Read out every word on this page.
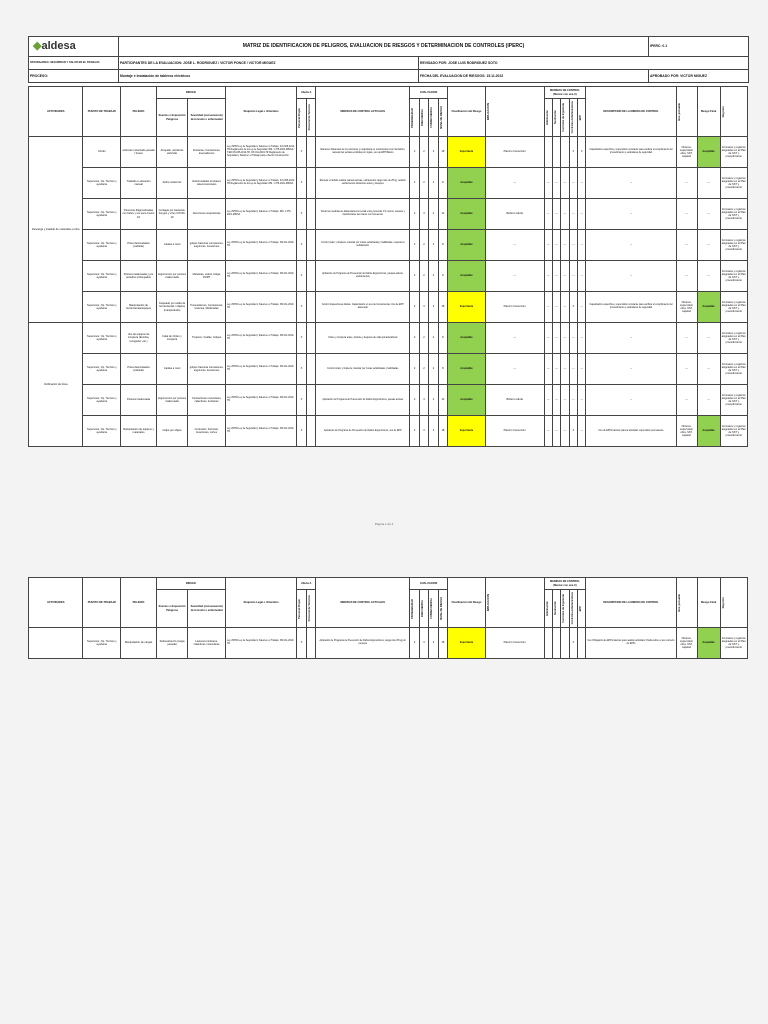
◆aldesa	MATRIZ DE IDENTIFICACION DE PELIGROS, EVALUACION DE RIESGOS Y DETERMINACION DE CONTROLES (IPERC)		IPERC: 0.1
OFICINA/AREA: SEGURIDAD Y SALUD EN EL TRABAJO	PARTICIPANTES DE LA EVALUACION: JOSE L. RODRIGUEZ / VICTOR PONCE / VICTOR MIGUEZ	REVISADO POR: JOSE LUIS RODRIGUEZ SOTO	
PROCESO:	Montaje e Instalación de tableros eléctricos	FECHA DEL EVALUACION DE RIESGOS: 15.11.2022	APROBADO POR: VICTOR MIGUEZ
ACTIVIDADES	PUESTO DE TRABAJO	PELIGRO	RIESGO		Requisito Legal o Voluntario	Afecta A		MEDIDAS DE CONTROL ACTUALES	EVALUACION				Clasificación del Riesgo	IMPLICACION	MEDIDAS DE CONTROL (Marcar con una X)					DESCRIPCION DE LA MEDIDA DE CONTROL	Res. ponsable	Riesgo Final	Reg istro

			Eventos o Exposición Peligrosa	Severidad (consecuencia) de la lesión o enfermedad		Personal Propio	Personal de Terceros		PROBABILIDAD	FRECUENCIA	CONSECUENCIA	NIVEL DE RIESGO			Eliminación	Sustitución	Controles de Ingeniería	Controles Administrativos	EPP				

Descarga y traslado de materiales a obra	Chofer	vehículo motorizado pesado / buses	Atropello, accidente vehicular	Fracturas, Contusiones, traumatismos	Ley 29783 Ley de Seguridad y Salud en el Trabajo. D.S.005-2012-TR Reglamento de la Ley de Seguridad. RM. 1 375-2021-MINSA / T.ED DS.005-2012-TR. DS 011-2019-TR Reglamento de Seguridad y Salud en el Trabajo para el Sector Construcción	X		Mantener distancias de los camiones y maquinaria en movimientos (con Semáforo, respetar las señales emitidas por vigías, uso de EPP Básico	2	2	3	18	Importante	Plan/no Corrección				X	X	Capacitación específica y supervisión constante para verificar el cumplimiento del procedimiento y estándares de seguridad	Obreros, supervisión obra, SST, capataz	Aceptable	Formatos y registros asignados en el Plan de SST y procedimiento
	Supervisor, Op. Técnico y ayudante	Traslado o elevación manual	Sobre esfuerzos	Enfermedades lumbares osteomusculares	Ley 29783 Ley de Seguridad y Salud en el Trabajo. D.S.005-2012-TR Reglamento de la Ley de Seguridad. RM. 1 375-2021-MINSA	X		Efectuar el debido realizar pausas activas, estiramiento carga máx de 25 kg, realizar estiramientos dinámicos antes y después	2	2	2	8	Aceptable	---	---	---	---	---	---	---	---	---	Formatos y registros asignados en el Plan de SST y procedimiento
	Supervisor, Op. Técnico y ayudante	Personas diagnosticadas con fiebre y tos seca Covid-19	Contagio por bacterias, hongos y virus COVID-19	Afecciones respiratorias	Ley 29783 Ley de Seguridad y Salud en el Trabajo. RM. 1 375-2021-MINSA	X		Tomar las medidas de distanciamiento social entre personas 1.5 metros. Lavarse y desinfectarse las manos con frecuencia	2	3	2	12	Aceptable	Bioferro Alerta	---	---	---	---	---	---	---	---	Formatos y registros asignados en el Plan de SST y procedimiento
	Supervisor, Op. Técnico y ayudante	Pisos desnivelados (calzada)	Caídas a nivel	golpes fracturas contusiones, esguinces, luxaciones	Ley 29783 Ley de Seguridad y Salud en el Trabajo. DS 011-2019-TR	X		Control orden y limpieza, transitar por zonas señalizadas y habilitadas, respetar la señalización	2	2	2	8	Aceptable	---	---	---	---	---	---	---	---	---	Formatos y registros asignados en el Plan de SST y procedimiento
	Supervisor, Op. Técnico y ayudante	Postura inadecuada y por periodos prolongados	Ergonómico por postura inadecuada	Molestias, estrés, fatiga, DORT	Ley 29783 Ley de Seguridad y Salud en el Trabajo. DS 011-2019-TR	X		Aplicación de Programa de Prevención de Daños Ergonómicos, pausas activas, estiramientos	2	2	2	8	Aceptable	---	---	---	---	---	---	---	---	---	Formatos y registros asignados en el Plan de SST y procedimiento
	Supervisor, Op. Técnico y ayudante	Manipulación de herramientas/equipos	Golpeado por caída de herramientas / objetos (manipulando)	Traumatismos, Contusiones, lesiones, Moderadas	Ley 29783 Ley de Seguridad y Salud en el Trabajo. DS 011-2019-TR	X		Control inspecciones diarias. Capacitación en uso de herramientas. Uso de EPP adecuado	2	3	3	18	Importante	Plan/no Corrección	---	---	---	X	---	Capacitación específica y supervisión constante para verificar el cumplimiento del procedimiento y estándares de seguridad	Obreros, supervisión obra, SST, capataz	Aceptable	Formatos y registros asignados en el Plan de SST y procedimiento
Verificación del Área	Supervisor, Op. Técnico y ayudante	Uso de equipos de Limpieza (Escoba, recogedor, etc.)	Falta de Orden y Limpieza	Tropiezo, Caídas, Golpes	Ley 29783 Ley de Seguridad y Salud en el Trabajo. DS 011-2019-TR	X		Orden y Limpieza antes, durante y después de cada jornada laboral	2	2	2	8	Aceptable	---	---	---	---	---	---	---	---	---	Formatos y registros asignados en el Plan de SST y procedimiento
	Supervisor, Op. Técnico y ayudante	Pisos desnivelados (calzada)	Caídas a nivel	golpes fracturas contusiones, esguinces, luxaciones	Ley 29783 Ley de Seguridad y Salud en el Trabajo. DS 011-2019-TR	X		Control orden y limpieza, transitar por zonas señalizadas y habilitadas	2	2	2	8	Aceptable	---	---	---	---	---	---	---	---	---	Formatos y registros asignados en el Plan de SST y procedimiento
	Supervisor, Op. Técnico y ayudante	Postura inadecuada	Ergonómico por postura inadecuada	Contracturas musculares, calambres, lumbares	Ley 29783 Ley de Seguridad y Salud en el Trabajo. DS 011-2019-TR	X		Aplicación de Programa de Prevención de Daños Ergonómicos, pausas activas	2	3	2	12	Aceptable	Bioferro Alerta	---	---	---	---	---	---	---	---	Formatos y registros asignados en el Plan de SST y procedimiento
	Supervisor, Op. Técnico y ayudante	Manipulación de equipos y materiales	Golpe por objeto	Contusión, fracturas, luxaciones, cortes	Ley 29783 Ley de Seguridad y Salud en el Trabajo. DS 011-2019-TR	X		Aplicación de Programa de Prevención de Daños Ergonómicos, uso de EPP	2	3	3	18	Importante	Plan/no Corrección	---	---	---	X	---	Uso de EPPs básicos para la actividad, supervisión permanente	Obreros, supervisión obra, SST, capataz	Aceptable	Formatos y registros asignados en el Plan de SST y procedimiento
Página 1 de 2
ACTIVIDADES	PUESTO DE TRABAJO	PELIGRO	RIESGO		Requisito Legal o Voluntario	Afecta A		MEDIDAS DE CONTROL ACTUALES	EVALUACION				Clasificación del Riesgo	IMPLICACION	MEDIDAS DE CONTROL (Marcar con una X)					DESCRIPCION DE LA MEDIDA DE CONTROL	Res. ponsable	Riesgo Final	Reg istro

			Eventos o Exposición Peligrosa	Severidad (consecuencia) de la lesión o enfermedad		Personal Propio	Personal de Terceros		PROBABILIDAD	FRECUENCIA	CONSECUENCIA	NIVEL DE RIESGO			Eliminación	Sustitución	Controles de Ingeniería	Controles Administrativos	EPP				

	Supervisor, Op. Técnico y ayudante	Manipulación de cargas	Sobreesfuerzo (carga pesada)	Lesiones lumbares, calambres musculares	Ley 29783 Ley de Seguridad y Salud en el Trabajo. DS 011-2019-TR	X		Aplicación de Programa de Prevención de Daños Ergonómicos, carga máx 25 kg por persona	2	3	3	18	Importante	Plan/no Corrección				X		Uso Obligatorio de EPPs básicos para realizar actividad. Charla sobre el uso correcto de EPPs	Obreros, supervisión obra, SST, capataz	Aceptable	Formatos y registros asignados en el Plan de SST y procedimiento
